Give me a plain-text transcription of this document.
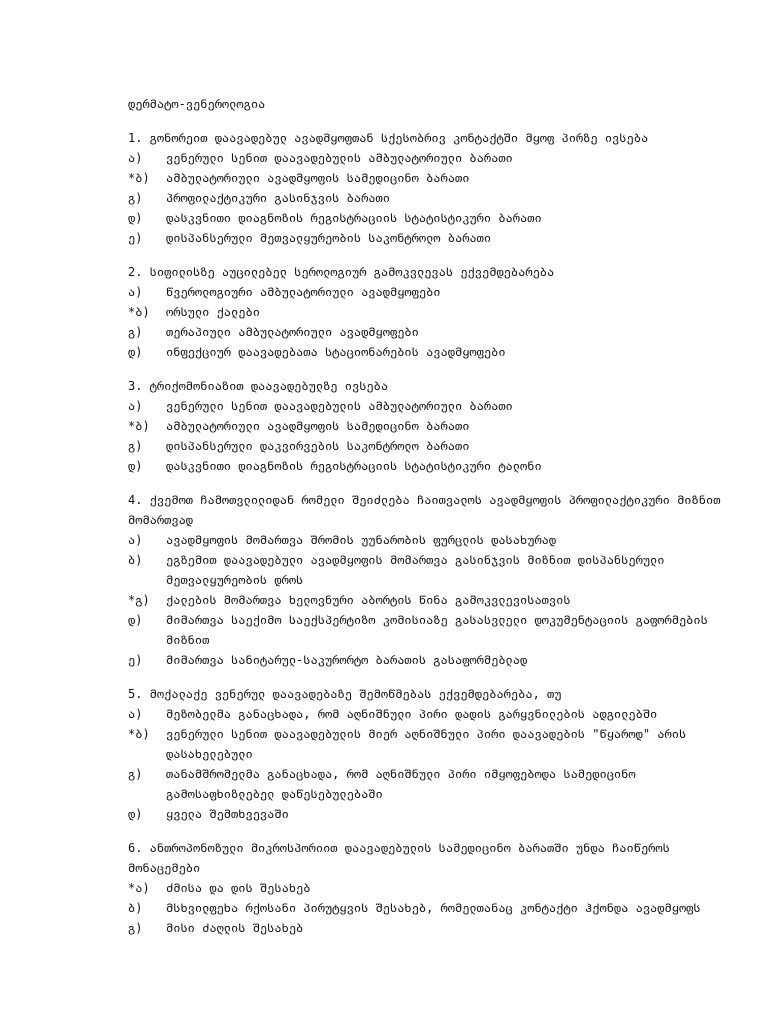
დერმატო-ვენეროლოგია
1. გონორეით დაავადებულ ავადმყოფთან სქესობრივ კონტაქტში მყოფ პირზე ივსება
ა)	ვენერული სენით დაავადებულის ამბულატორიული ბარათი
*ბ)	ამბულატორიული ავადმყოფის სამედიცინო ბარათი
გ)	პროფილაქტიკური გასინჯვის ბარათი
დ)	დასკვნითი დიაგნოზის რეგისტრაციის სტატისტიკური ბარათი
ე)	დისპანსერული მეთვალყურეობის საკონტროლო ბარათი
2. სიფილისზე აუცილებელ სეროლოგიურ გამოკვლევას ექვემდებარება
ა)	წვეროლოგიური ამბულატორიული ავადმყოფები
*ბ)	ორსული ქალები
გ)	თერაპიული ამბულატორიული ავადმყოფები
დ)	ინფექციურ დაავადებათა სტაციონარების ავადმყოფები
3. ტრიქომონიაზით დაავადებულზე ივსება
ა)	ვენერული სენით დაავადებულის ამბულატორიული ბარათი
*ბ)	ამბულატორიული ავადმყოფის სამედიცინო ბარათი
გ)	დისპანსერული დაკვირვების საკონტროლო ბარათი
დ)	დასკვნითი დიაგნოზის რეგისტრაციის სტატისტიკური ტალონი
4. ქვემოთ ჩამოთვლილიდან რომელი შეიძლება ჩაითვალოს ავადმყოფის პროფილაქტიკური მიზნით მომართვად
ა)	ავადმყოფის მომართვა შრომის უუნარობის ფურცლის დასახურად
ბ)	ეგზემით დაავადებული ავადმყოფის მომართვა გასინჯვის მიზნით დისპანსერული მეთვალყურეობის დროს
*გ)	ქალების მომართვა ხელოვნური აბორტის წინა გამოკვლევისათვის
დ)	მიმართვა საექიმო საექსპერტიზო კომისიაზე გასასვლელი დოკუმენტაციის გაფორმების მიზნით
ე)	მიმართვა სანიტარულ-საკურორტო ბარათის გასაფორმებლად
5. მოქალაქე ვენერულ დაავადებაზე შემოწმებას ექვემდებარება, თუ
ა)	მეზობელმა განაცხადა, რომ აღნიშნული პირი დადის გარყვნილების ადგილებში
*ბ)	ვენერული სენით დაავადებულის მიერ აღნიშნული პირი დაავადების "წყაროდ" არის დასახელებული
გ)	თანამშრომელმა განაცხადა, რომ აღნიშნული პირი იმყოფებოდა სამედიცინო გამოსაფხიზლებელ დაწესებულებაში
დ)	ყველა შემთხვევაში
6. ანთროპონოზული მიკროსპორიით დაავადებულის სამედიცინო ბარათში უნდა ჩაიწეროს მონაცემები
*ა)	ძმისა და დის შესახებ
ბ)	მსხვილფეხა რქოსანი პირუტყვის შესახებ, რომელთანაც კონტაქტი ჰქონდა ავადმყოფს
გ)	მისი ძაღლის შესახებ
